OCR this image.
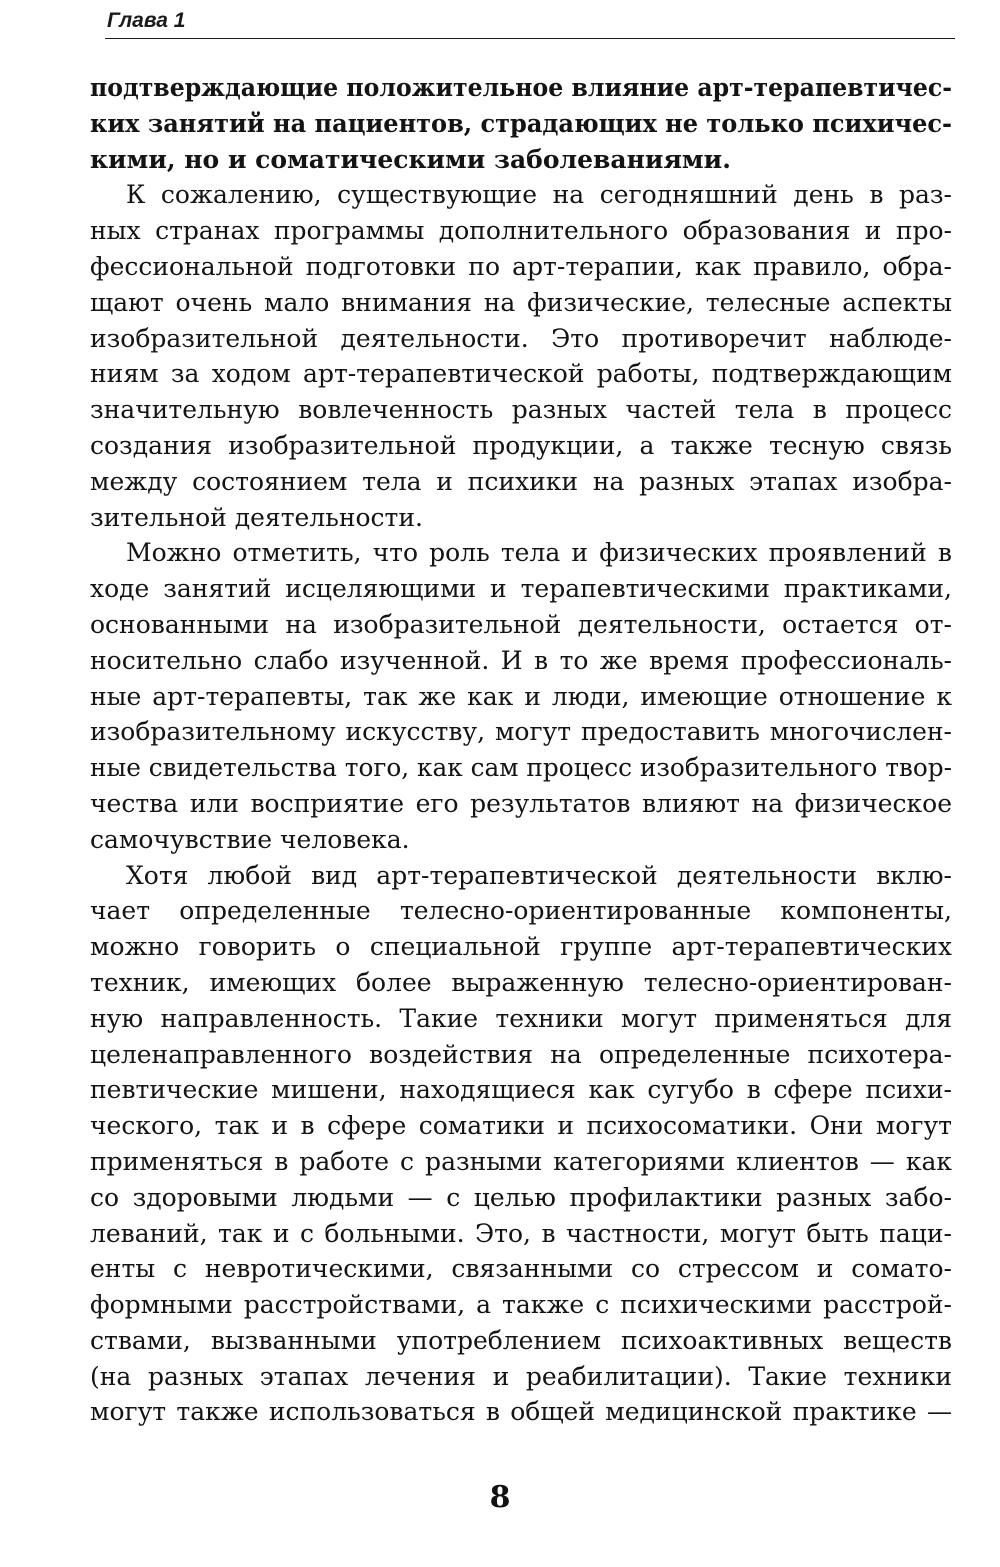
Глава 1
подтверждающие положительное влияние арт-терапевтичес-
ких занятий на пациентов, страдающих не только психичес-
кими, но и соматическими заболеваниями.
К сожалению, существующие на сегодняшний день в раз-
ных странах программы дополнительного образования и про-
фессиональной подготовки по арт-терапии, как правило, обра-
щают очень мало внимания на физические, телесные аспекты
изобразительной деятельности. Это противоречит наблюде-
ниям за ходом арт-терапевтической работы, подтверждающим
значительную вовлеченность разных частей тела в процесс
создания изобразительной продукции, а также тесную связь
между состоянием тела и психики на разных этапах изобра-
зительной деятельности.
Можно отметить, что роль тела и физических проявлений в
ходе занятий исцеляющими и терапевтическими практиками,
основанными на изобразительной деятельности, остается от-
носительно слабо изученной. И в то же время профессиональ-
ные арт-терапевты, так же как и люди, имеющие отношение к
изобразительному искусству, могут предоставить многочислен-
ные свидетельства того, как сам процесс изобразительного твор-
чества или восприятие его результатов влияют на физическое
самочувствие человека.
Хотя любой вид арт-терапевтической деятельности вклю-
чает определенные телесно-ориентированные компоненты,
можно говорить о специальной группе арт-терапевтических
техник, имеющих более выраженную телесно-ориентирован-
ную направленность. Такие техники могут применяться для
целенаправленного воздействия на определенные психотера-
певтические мишени, находящиеся как сугубо в сфере психи-
ческого, так и в сфере соматики и психосоматики. Они могут
применяться в работе с разными категориями клиентов — как
со здоровыми людьми — с целью профилактики разных забо-
леваний, так и с больными. Это, в частности, могут быть паци-
енты с невротическими, связанными со стрессом и сомато-
формными расстройствами, а также с психическими расстрой-
ствами, вызванными употреблением психоактивных веществ
(на разных этапах лечения и реабилитации). Такие техники
могут также использоваться в общей медицинской практике —
8
